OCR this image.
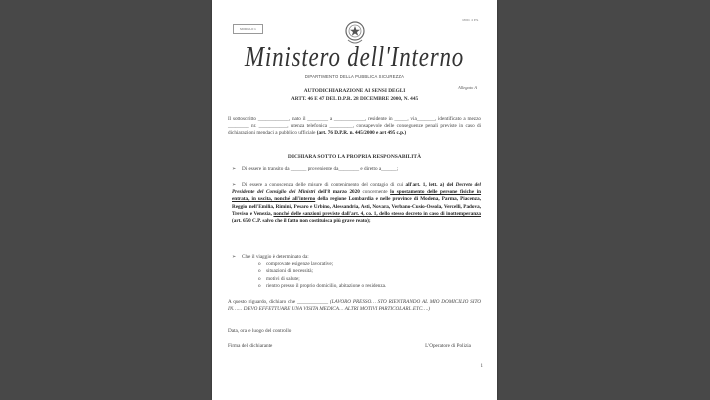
MODULO 1
MOD. 4 P.S.
Ministero dell'Interno
DIPARTIMENTO DELLA PUBBLICA SICUREZZA
Allegato A
AUTODICHIARAZIONE AI SENSI DEGLI
ARTT. 46 E 47 DEL D.P.R. 28 DICEMBRE 2000, N. 445
Il sottoscritto ____________, nato il ________ a ____________, residente in _____, via_______, identificato a mezzo ________ nr. ___________, utenza telefonica _________, consapevole delle conseguenze penali previste in caso di dichiarazioni mendaci a pubblico ufficiale (art. 76 D.P.R. n. 445/2000 e art 495 c.p.)
DICHIARA SOTTO LA PROPRIA RESPONSABILITÀ
➢ Di essere in transito da ______ proveniente da________ e diretto a______;
➢ Di essere a conoscenza delle misure di contenimento del contagio di cui all'art. 1, lett. a) del Decreto del Presidente del Consiglio dei Ministri dell'8 marzo 2020 concernente lo spostamento delle persone fisiche in entrata, in uscita, nonché all'interno della regione Lombardia e nelle province di Modena, Parma, Piacenza, Reggio nell'Emilia, Rimini, Pesaro e Urbino, Alessandria, Asti, Novara, Verbano-Cusio-Ossola, Vercelli, Padova, Treviso e Venezia, nonché delle sanzioni previste dall'art. 4, co. 1, dello stesso decreto in caso di inottemperanza (art. 650 C.P. salvo che il fatto non costituisca più grave reato);
➢ Che il viaggio è determinato da:
o comprovate esigenze lavorative;
o situazioni di necessità;
o motivi di salute;
o rientro presso il proprio domicilio, abitazione o residenza.
A questo riguardo, dichiaro che ____________ (LAVORO PRESSO… STO RIENTRANDO AL MIO DOMICILIO SITO IN…… DEVO EFFETTUARE UNA VISITA MEDICA… ALTRI MOTIVI PARTICOLARI..ETC….)
Data, ora e luogo del controllo
Firma del dichiarante	L'Operatore di Polizia
1
